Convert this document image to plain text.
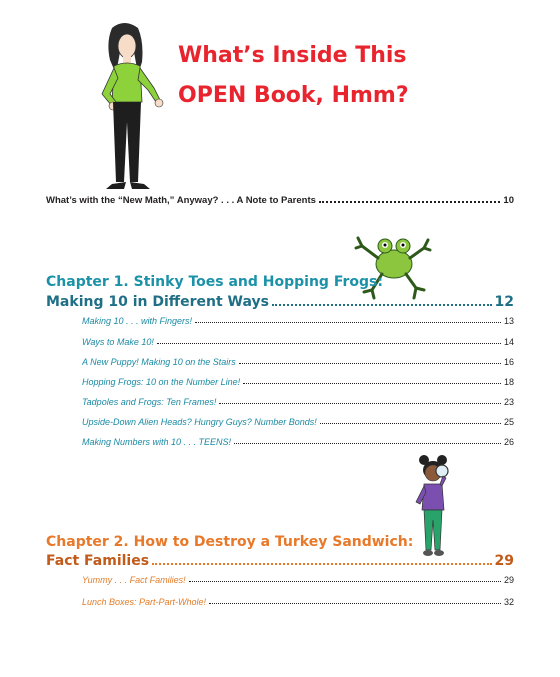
What’s Inside This
OPEN Book, Hmm?
What’s with the “New Math,” Anyway? . . . A Note to Parents	10
Chapter 1. Stinky Toes and Hopping Frogs:
Making 10 in Different Ways	12
Making 10 . . . with Fingers!	13
Ways to Make 10!	14
A New Puppy! Making 10 on the Stairs	16
Hopping Frogs: 10 on the Number Line!	18
Tadpoles and Frogs: Ten Frames!	23
Upside-Down Alien Heads? Hungry Guys? Number Bonds!	25
Making Numbers with 10 . . . TEENS!	26
Chapter 2. How to Destroy a Turkey Sandwich:
Fact Families	29
Yummy . . . Fact Families!	29
Lunch Boxes: Part-Part-Whole!	32
